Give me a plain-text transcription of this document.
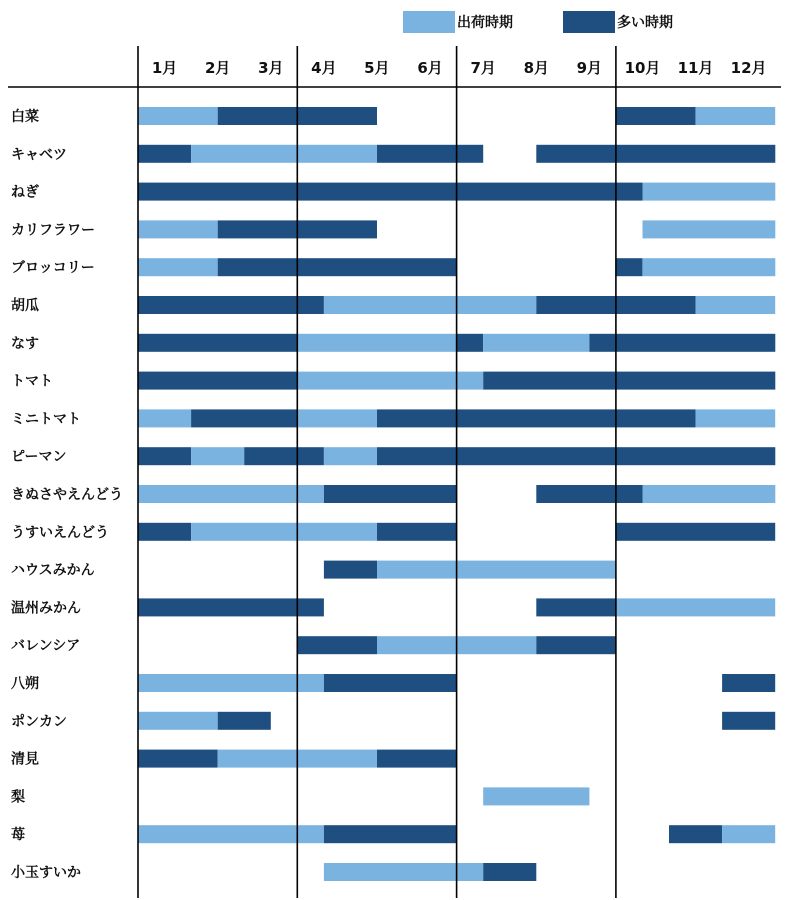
出荷時期	多い時期
1月 2月 3月 4月 5月 6月 7月 8月 9月 10月 11月 12月
白菜
キャベツ
ねぎ
カリフラワー
ブロッコリー
胡瓜
なす
トマト
ミニトマト
ピーマン
きぬさやえんどう
うすいえんどう
ハウスみかん
温州みかん
バレンシア
八朔
ポンカン
清見
梨
苺
小玉すいか
